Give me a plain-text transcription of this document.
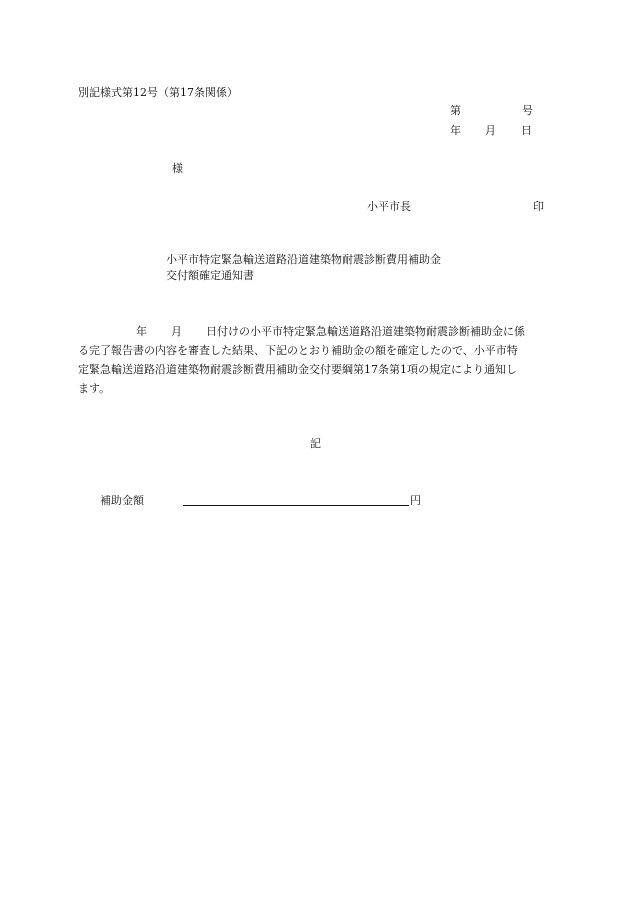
別記様式第12号（第17条関係）
第	号
年 月 日
様
小平市長	印
小平市特定緊急輸送道路沿道建築物耐震診断費用補助金
交付額確定通知書
年 月 日付けの小平市特定緊急輸送道路沿道建築物耐震診断補助金に係
る完了報告書の内容を審査した結果、下記のとおり補助金の額を確定したので、小平市特
定緊急輸送道路沿道建築物耐震診断費用補助金交付要綱第17条第1項の規定により通知し
ます。
記
補助金額	円
